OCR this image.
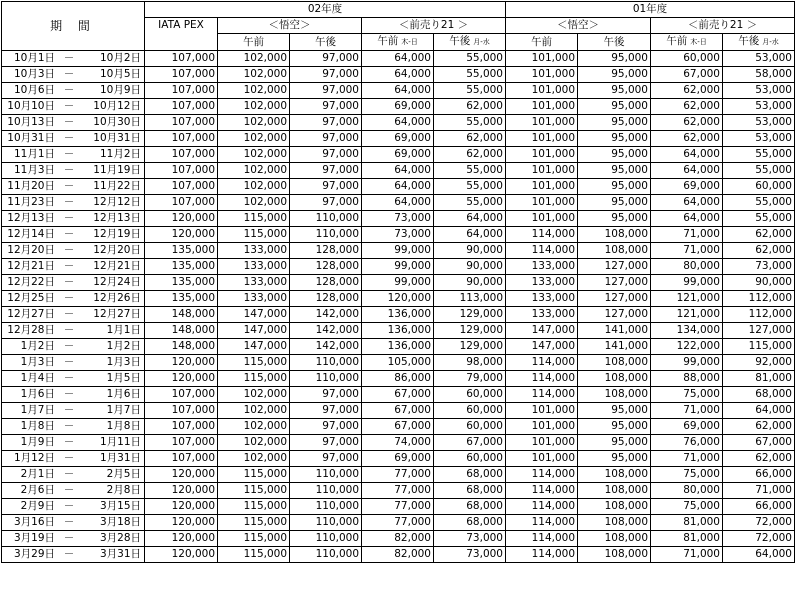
期 間	02年度					01年度			
	IATA PEX	＜悟空＞		＜前売り21 ＞		＜悟空＞		＜前売り21 ＞	
		午前	午後	午前 木-日	午後 月-水	午前	午後	午前 木-日	午後 月-水

10月1日 － 10月2日	107,000	102,000	97,000	64,000	55,000	101,000	95,000	60,000	53,000

10月3日 － 10月5日	107,000	102,000	97,000	64,000	55,000	101,000	95,000	67,000	58,000

10月6日 － 10月9日	107,000	102,000	97,000	64,000	55,000	101,000	95,000	62,000	53,000

10月10日 － 10月12日	107,000	102,000	97,000	69,000	62,000	101,000	95,000	62,000	53,000

10月13日 － 10月30日	107,000	102,000	97,000	64,000	55,000	101,000	95,000	62,000	53,000

10月31日 － 10月31日	107,000	102,000	97,000	69,000	62,000	101,000	95,000	62,000	53,000

11月1日 － 11月2日	107,000	102,000	97,000	69,000	62,000	101,000	95,000	64,000	55,000

11月3日 － 11月19日	107,000	102,000	97,000	64,000	55,000	101,000	95,000	64,000	55,000

11月20日 － 11月22日	107,000	102,000	97,000	64,000	55,000	101,000	95,000	69,000	60,000

11月23日 － 12月12日	107,000	102,000	97,000	64,000	55,000	101,000	95,000	64,000	55,000

12月13日 － 12月13日	120,000	115,000	110,000	73,000	64,000	101,000	95,000	64,000	55,000

12月14日 － 12月19日	120,000	115,000	110,000	73,000	64,000	114,000	108,000	71,000	62,000

12月20日 － 12月20日	135,000	133,000	128,000	99,000	90,000	114,000	108,000	71,000	62,000

12月21日 － 12月21日	135,000	133,000	128,000	99,000	90,000	133,000	127,000	80,000	73,000

12月22日 － 12月24日	135,000	133,000	128,000	99,000	90,000	133,000	127,000	99,000	90,000

12月25日 － 12月26日	135,000	133,000	128,000	120,000	113,000	133,000	127,000	121,000	112,000

12月27日 － 12月27日	148,000	147,000	142,000	136,000	129,000	133,000	127,000	121,000	112,000

12月28日 － 1月1日	148,000	147,000	142,000	136,000	129,000	147,000	141,000	134,000	127,000

1月2日 － 1月2日	148,000	147,000	142,000	136,000	129,000	147,000	141,000	122,000	115,000

1月3日 － 1月3日	120,000	115,000	110,000	105,000	98,000	114,000	108,000	99,000	92,000

1月4日 － 1月5日	120,000	115,000	110,000	86,000	79,000	114,000	108,000	88,000	81,000

1月6日 － 1月6日	107,000	102,000	97,000	67,000	60,000	114,000	108,000	75,000	68,000

1月7日 － 1月7日	107,000	102,000	97,000	67,000	60,000	101,000	95,000	71,000	64,000

1月8日 － 1月8日	107,000	102,000	97,000	67,000	60,000	101,000	95,000	69,000	62,000

1月9日 － 1月11日	107,000	102,000	97,000	74,000	67,000	101,000	95,000	76,000	67,000

1月12日 － 1月31日	107,000	102,000	97,000	69,000	60,000	101,000	95,000	71,000	62,000

2月1日 － 2月5日	120,000	115,000	110,000	77,000	68,000	114,000	108,000	75,000	66,000

2月6日 － 2月8日	120,000	115,000	110,000	77,000	68,000	114,000	108,000	80,000	71,000

2月9日 － 3月15日	120,000	115,000	110,000	77,000	68,000	114,000	108,000	75,000	66,000

3月16日 － 3月18日	120,000	115,000	110,000	77,000	68,000	114,000	108,000	81,000	72,000

3月19日 － 3月28日	120,000	115,000	110,000	82,000	73,000	114,000	108,000	81,000	72,000

3月29日 － 3月31日	120,000	115,000	110,000	82,000	73,000	114,000	108,000	71,000	64,000
